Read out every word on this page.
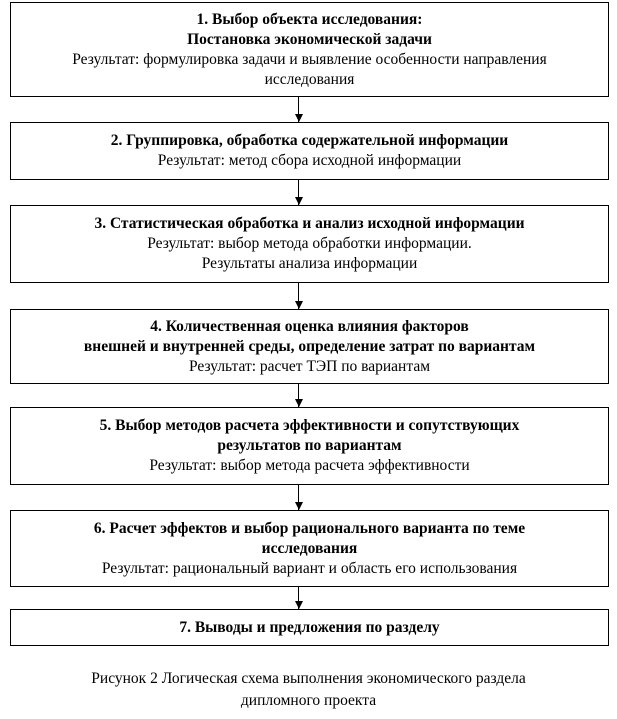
1. Выбор объекта исследования:
Постановка экономической задачи
Результат: формулировка задачи и выявление особенности направления
исследования
2. Группировка, обработка содержательной информации
Результат: метод сбора исходной информации
3. Статистическая обработка и анализ исходной информации
Результат: выбор метода обработки информации.
Результаты анализа информации
4. Количественная оценка влияния факторов
внешней и внутренней среды, определение затрат по вариантам
Результат: расчет ТЭП по вариантам
5. Выбор методов расчета эффективности и сопутствующих
результатов по вариантам
Результат: выбор метода расчета эффективности
6. Расчет эффектов и выбор рационального варианта по теме
исследования
Результат: рациональный вариант и область его использования
7. Выводы и предложения по разделу
Рисунок 2 Логическая схема выполнения экономического раздела
дипломного проекта
